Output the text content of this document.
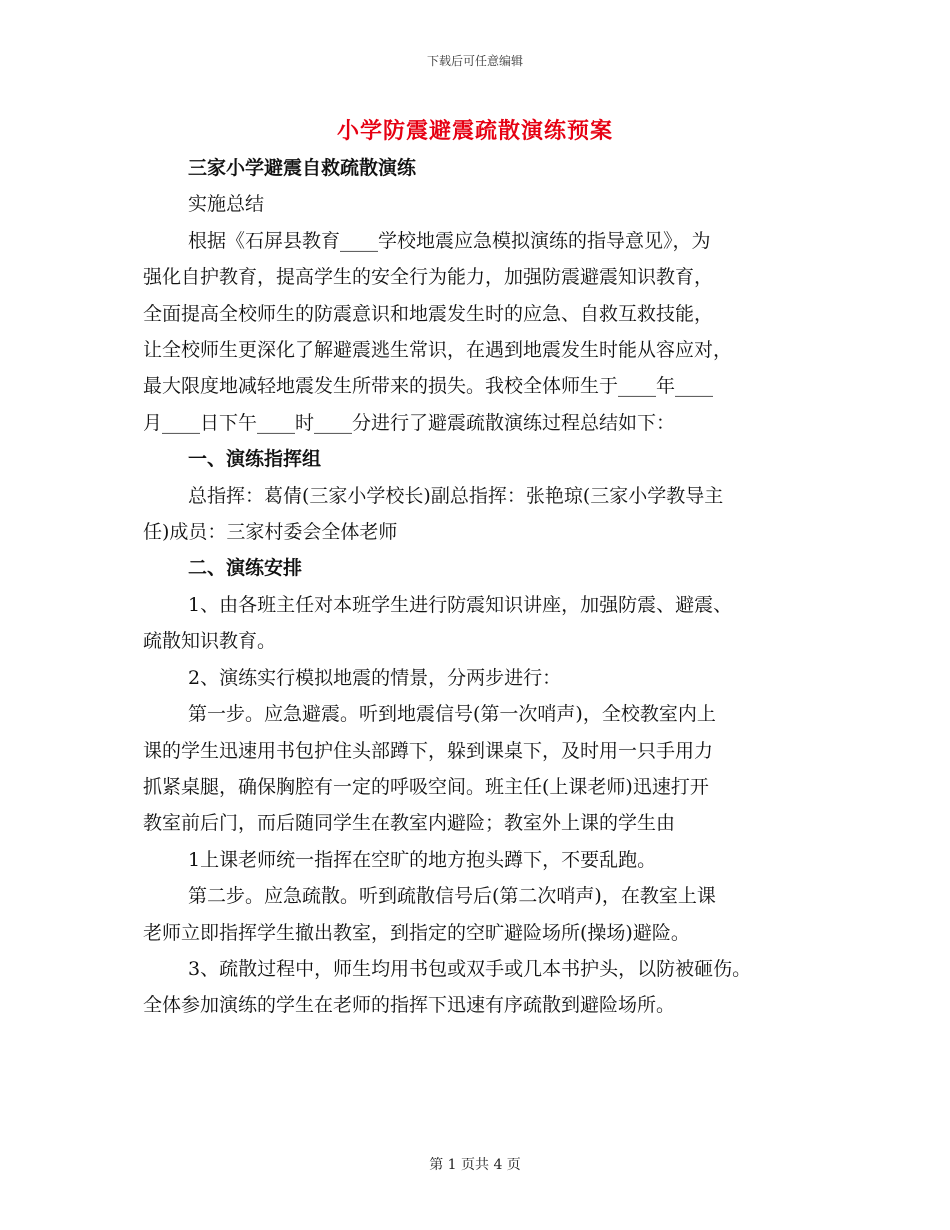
下载后可任意编辑
小学防震避震疏散演练预案
三家小学避震自救疏散演练
实施总结
根据《石屏县教育____学校地震应急模拟演练的指导意见》，为
强化自护教育，提高学生的安全行为能力，加强防震避震知识教育，
全面提高全校师生的防震意识和地震发生时的应急、自救互救技能，
让全校师生更深化了解避震逃生常识，在遇到地震发生时能从容应对，
最大限度地减轻地震发生所带来的损失。我校全体师生于____年____
月____日下午____时____分进行了避震疏散演练过程总结如下：
一、演练指挥组
总指挥：葛倩(三家小学校长)副总指挥：张艳琼(三家小学教导主
任)成员：三家村委会全体老师
二、演练安排
1、由各班主任对本班学生进行防震知识讲座，加强防震、避震、
疏散知识教育。
2、演练实行模拟地震的情景，分两步进行：
第一步。应急避震。听到地震信号(第一次哨声)，全校教室内上
课的学生迅速用书包护住头部蹲下，躲到课桌下，及时用一只手用力
抓紧桌腿，确保胸腔有一定的呼吸空间。班主任(上课老师)迅速打开
教室前后门，而后随同学生在教室内避险；教室外上课的学生由
1上课老师统一指挥在空旷的地方抱头蹲下，不要乱跑。
第二步。应急疏散。听到疏散信号后(第二次哨声)，在教室上课
老师立即指挥学生撤出教室，到指定的空旷避险场所(操场)避险。
3、疏散过程中，师生均用书包或双手或几本书护头，以防被砸伤。
全体参加演练的学生在老师的指挥下迅速有序疏散到避险场所。
第 1 页共 4 页
